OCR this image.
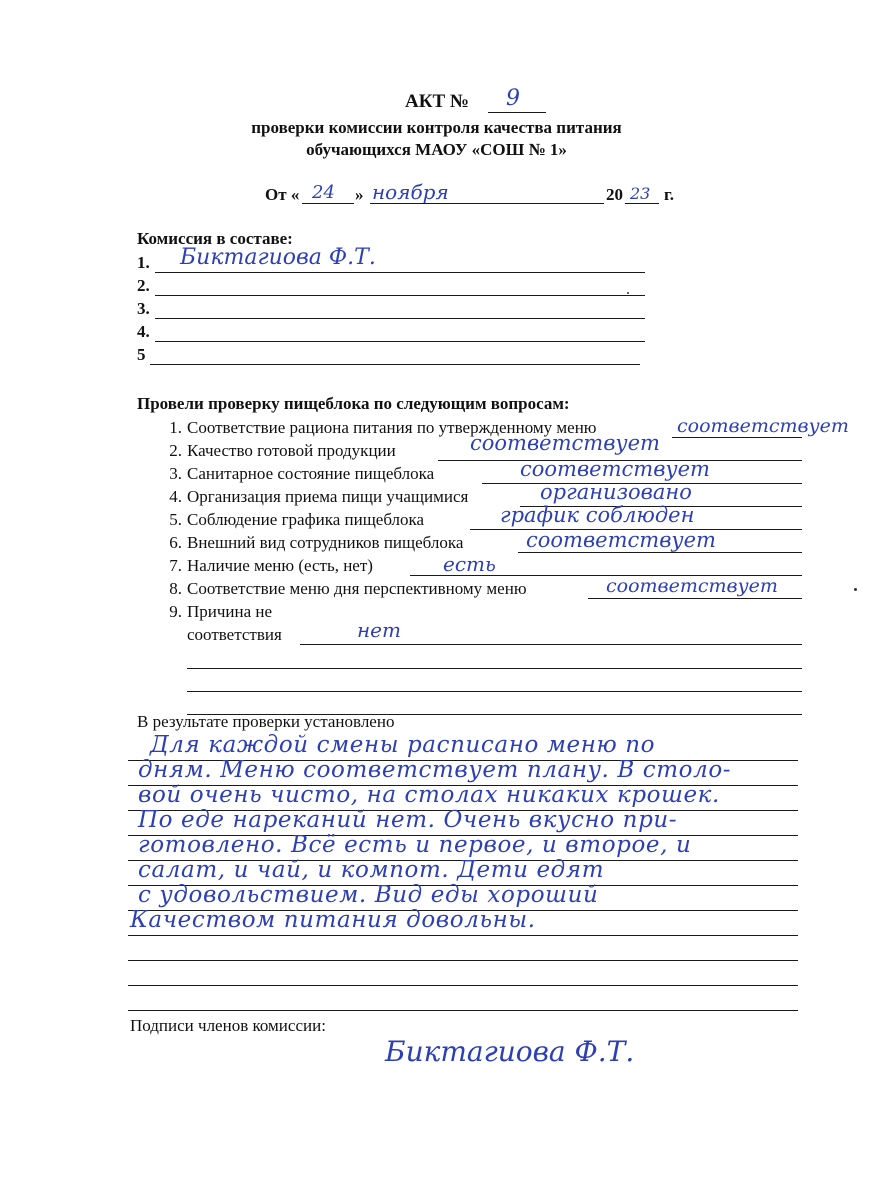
АКТ № 9
проверки комиссии контроля качества питания
обучающихся МАОУ «СОШ № 1»
От « 24 » ноября	20 23 г.
Комиссия в составе:
1. Биктагиова Ф.Т.
2.
3.
4.
5
Провели проверку пищеблока по следующим вопросам:
1. Соответствие рациона питания по утвержденному меню	соответствует
2. Качество готовой продукции	соответствует
3. Санитарное состояние пищеблока	соответствует
4. Организация приема пищи учащимися	организовано
5. Соблюдение графика пищеблока	график соблюден
6. Внешний вид сотрудников пищеблока	соответствует
7. Наличие меню (есть, нет)	есть
8. Соответствие меню дня перспективному меню	соответствует
9. Причина не
соответствия	нет
В результате проверки установлено
Для каждой смены расписано меню по
дням. Меню соответствует плану. В столо-
вой очень чисто, на столах никаких крошек.
По еде нареканий нет. Очень вкусно при-
готовлено. Всё есть и первое, и второе, и
салат, и чай, и компот. Дети едят
с удовольствием. Вид еды хороший
Качеством питания довольны.
Подписи членов комиссии:
Биктагиова Ф.Т.
